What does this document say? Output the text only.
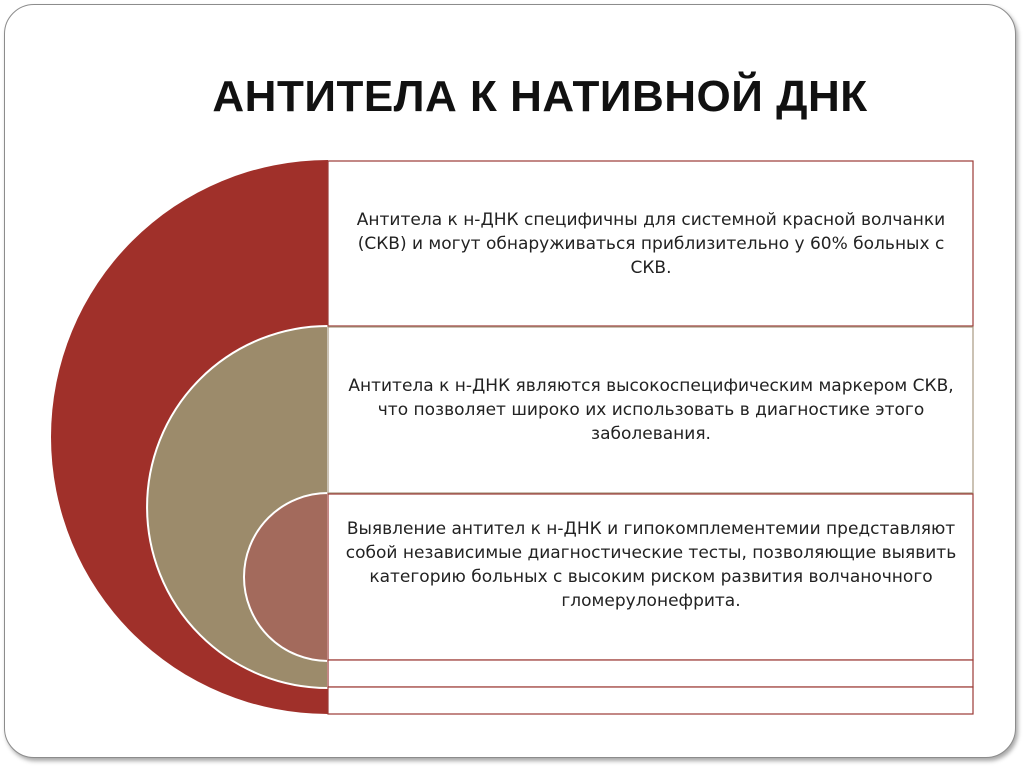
АНТИТЕЛА К НАТИВНОЙ ДНК
Антитела к н-ДНК специфичны для системной красной волчанки (СКВ) и могут обнаруживаться приблизительно у 60% больных с СКВ.
Антитела к н-ДНК являются высокоспецифическим маркером СКВ, что позволяет широко их использовать в диагностике этого заболевания.
Выявление антител к н-ДНК и гипокомплементемии представляют собой независимые диагностические тесты, позволяющие выявить категорию больных с высоким риском развития волчаночного гломерулонефрита.
